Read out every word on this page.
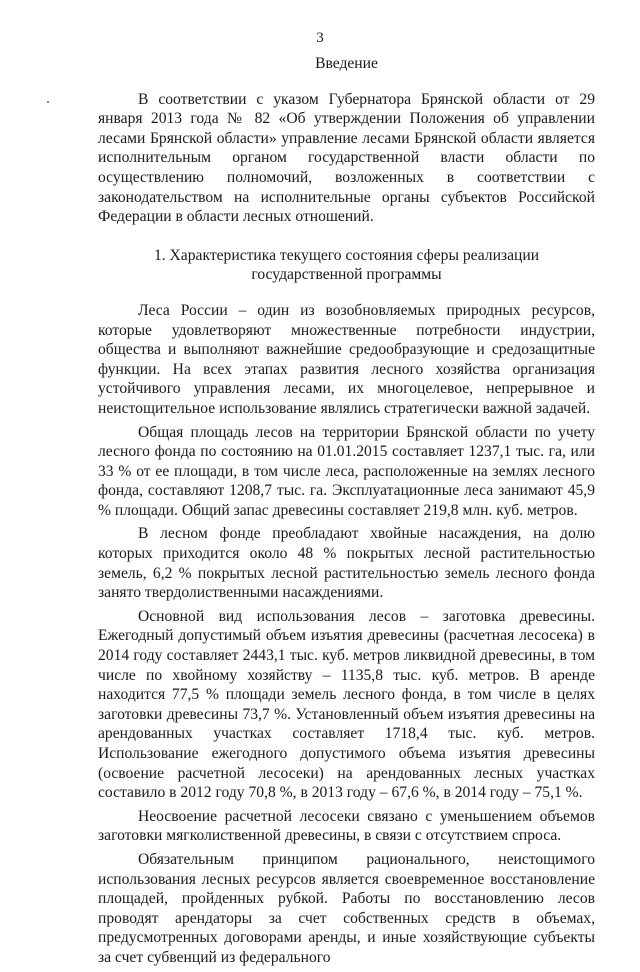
3
Введение

В соответствии с указом Губернатора Брянской области от 29 января 2013 года № 82 «Об утверждении Положения об управлении лесами Брянской области» управление лесами Брянской области является исполнительным органом государственной власти области по осуществлению полномочий, возложенных в соответствии с законодательством на исполнительные органы субъектов Российской Федерации в области лесных отношений.

1. Характеристика текущего состояния сферы реализации
государственной программы

Леса России – один из возобновляемых природных ресурсов, которые удовлетворяют множественные потребности индустрии, общества и выполняют важнейшие средообразующие и средозащитные функции. На всех этапах развития лесного хозяйства организация устойчивого управления лесами, их многоцелевое, непрерывное и неистощительное использование являлись стратегически важной задачей.

Общая площадь лесов на территории Брянской области по учету лесного фонда по состоянию на 01.01.2015 составляет 1237,1 тыс. га, или 33 % от ее площади, в том числе леса, расположенные на землях лесного фонда, составляют 1208,7 тыс. га. Эксплуатационные леса занимают 45,9 % площади. Общий запас древесины составляет 219,8 млн. куб. метров.

В лесном фонде преобладают хвойные насаждения, на долю которых приходится около 48 % покрытых лесной растительностью земель, 6,2 % покрытых лесной растительностью земель лесного фонда занято твердолиственными насаждениями.

Основной вид использования лесов – заготовка древесины. Ежегодный допустимый объем изъятия древесины (расчетная лесосека) в 2014 году составляет 2443,1 тыс. куб. метров ликвидной древесины, в том числе по хвойному хозяйству – 1135,8 тыс. куб. метров. В аренде находится 77,5 % площади земель лесного фонда, в том числе в целях заготовки древесины 73,7 %. Установленный объем изъятия древесины на арендованных участках составляет 1718,4 тыс. куб. метров. Использование ежегодного допустимого объема изъятия древесины (освоение расчетной лесосеки) на арендованных лесных участках составило в 2012 году 70,8 %, в 2013 году – 67,6 %, в 2014 году – 75,1 %.

Неосвоение расчетной лесосеки связано с уменьшением объемов заготовки мягколиственной древесины, в связи с отсутствием спроса.

Обязательным принципом рационального, неистощимого использования лесных ресурсов является своевременное восстановление площадей, пройденных рубкой. Работы по восстановлению лесов проводят арендаторы за счет собственных средств в объемах, предусмотренных договорами аренды, и иные хозяйствующие субъекты за счет субвенций из федерального
